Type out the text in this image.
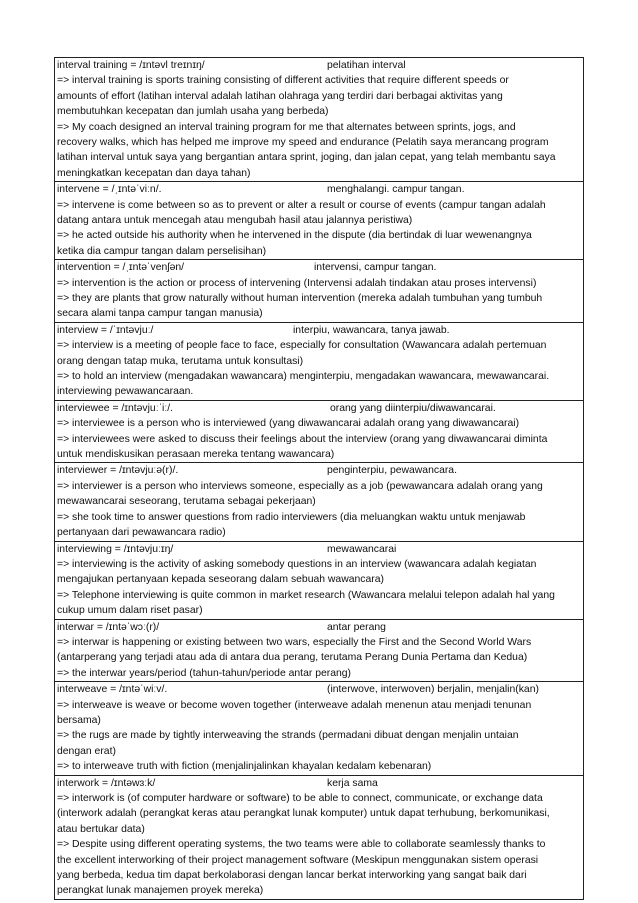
interval training = /ɪntəvl treɪnɪŋ/	pelatihan interval
=> interval training is sports training consisting of different activities that require different speeds or
amounts of effort (latihan interval adalah latihan olahraga yang terdiri dari berbagai aktivitas yang
membutuhkan kecepatan dan jumlah usaha yang berbeda)
=> My coach designed an interval training program for me that alternates between sprints, jogs, and
recovery walks, which has helped me improve my speed and endurance (Pelatih saya merancang program
latihan interval untuk saya yang bergantian antara sprint, joging, dan jalan cepat, yang telah membantu saya
meningkatkan kecepatan dan daya tahan)
intervene = /ˌɪntəˈviːn/.	menghalangi. campur tangan.
=> intervene is come between so as to prevent or alter a result or course of events (campur tangan adalah
datang antara untuk mencegah atau mengubah hasil atau jalannya peristiwa)
=> he acted outside his authority when he intervened in the dispute (dia bertindak di luar wewenangnya
ketika dia campur tangan dalam perselisihan)
intervention = /ˌɪntəˈvenʃən/	intervensi, campur tangan.
=> intervention is the action or process of intervening (Intervensi adalah tindakan atau proses intervensi)
=> they are plants that grow naturally without human intervention (mereka adalah tumbuhan yang tumbuh
secara alami tanpa campur tangan manusia)
interview = /ˈɪntəvjuː/	interpiu, wawancara, tanya jawab.
=> interview is a meeting of people face to face, especially for consultation (Wawancara adalah pertemuan
orang dengan tatap muka, terutama untuk konsultasi)
=> to hold an interview (mengadakan wawancara) menginterpiu, mengadakan wawancara, mewawancarai.
interviewing pewawancaraan.
interviewee = /ɪntəvjuːˈiː/.	orang yang diinterpiu/diwawancarai.
=> interviewee is a person who is interviewed (yang diwawancarai adalah orang yang diwawancarai)
=> interviewees were asked to discuss their feelings about the interview (orang yang diwawancarai diminta
untuk mendiskusikan perasaan mereka tentang wawancara)
interviewer = /ɪntəvjuːə(r)/.	penginterpiu, pewawancara.
=> interviewer is a person who interviews someone, especially as a job (pewawancara adalah orang yang
mewawancarai seseorang, terutama sebagai pekerjaan)
=> she took time to answer questions from radio interviewers (dia meluangkan waktu untuk menjawab
pertanyaan dari pewawancara radio)
interviewing = /ɪntəvjuːɪŋ/	mewawancarai
=> interviewing is the activity of asking somebody questions in an interview (wawancara adalah kegiatan
mengajukan pertanyaan kepada seseorang dalam sebuah wawancara)
=> Telephone interviewing is quite common in market research (Wawancara melalui telepon adalah hal yang
cukup umum dalam riset pasar)
interwar = /ɪntəˈwɔː(r)/	antar perang
=> interwar is happening or existing between two wars, especially the First and the Second World Wars
(antarperang yang terjadi atau ada di antara dua perang, terutama Perang Dunia Pertama dan Kedua)
=> the interwar years/period (tahun-tahun/periode antar perang)
interweave = /ɪntəˈwiːv/.	(interwove, interwoven) berjalin, menjalin(kan)
=> interweave is weave or become woven together (interweave adalah menenun atau menjadi tenunan
bersama)
=> the rugs are made by tightly interweaving the strands (permadani dibuat dengan menjalin untaian
dengan erat)
=> to interweave truth with fiction (menjalinjalinkan khayalan kedalam kebenaran)
interwork = /ɪntəwɜːk/	kerja sama
=> interwork is (of computer hardware or software) to be able to connect, communicate, or exchange data
(interwork adalah (perangkat keras atau perangkat lunak komputer) untuk dapat terhubung, berkomunikasi,
atau bertukar data)
=> Despite using different operating systems, the two teams were able to collaborate seamlessly thanks to
the excellent interworking of their project management software (Meskipun menggunakan sistem operasi
yang berbeda, kedua tim dapat berkolaborasi dengan lancar berkat interworking yang sangat baik dari
perangkat lunak manajemen proyek mereka)
